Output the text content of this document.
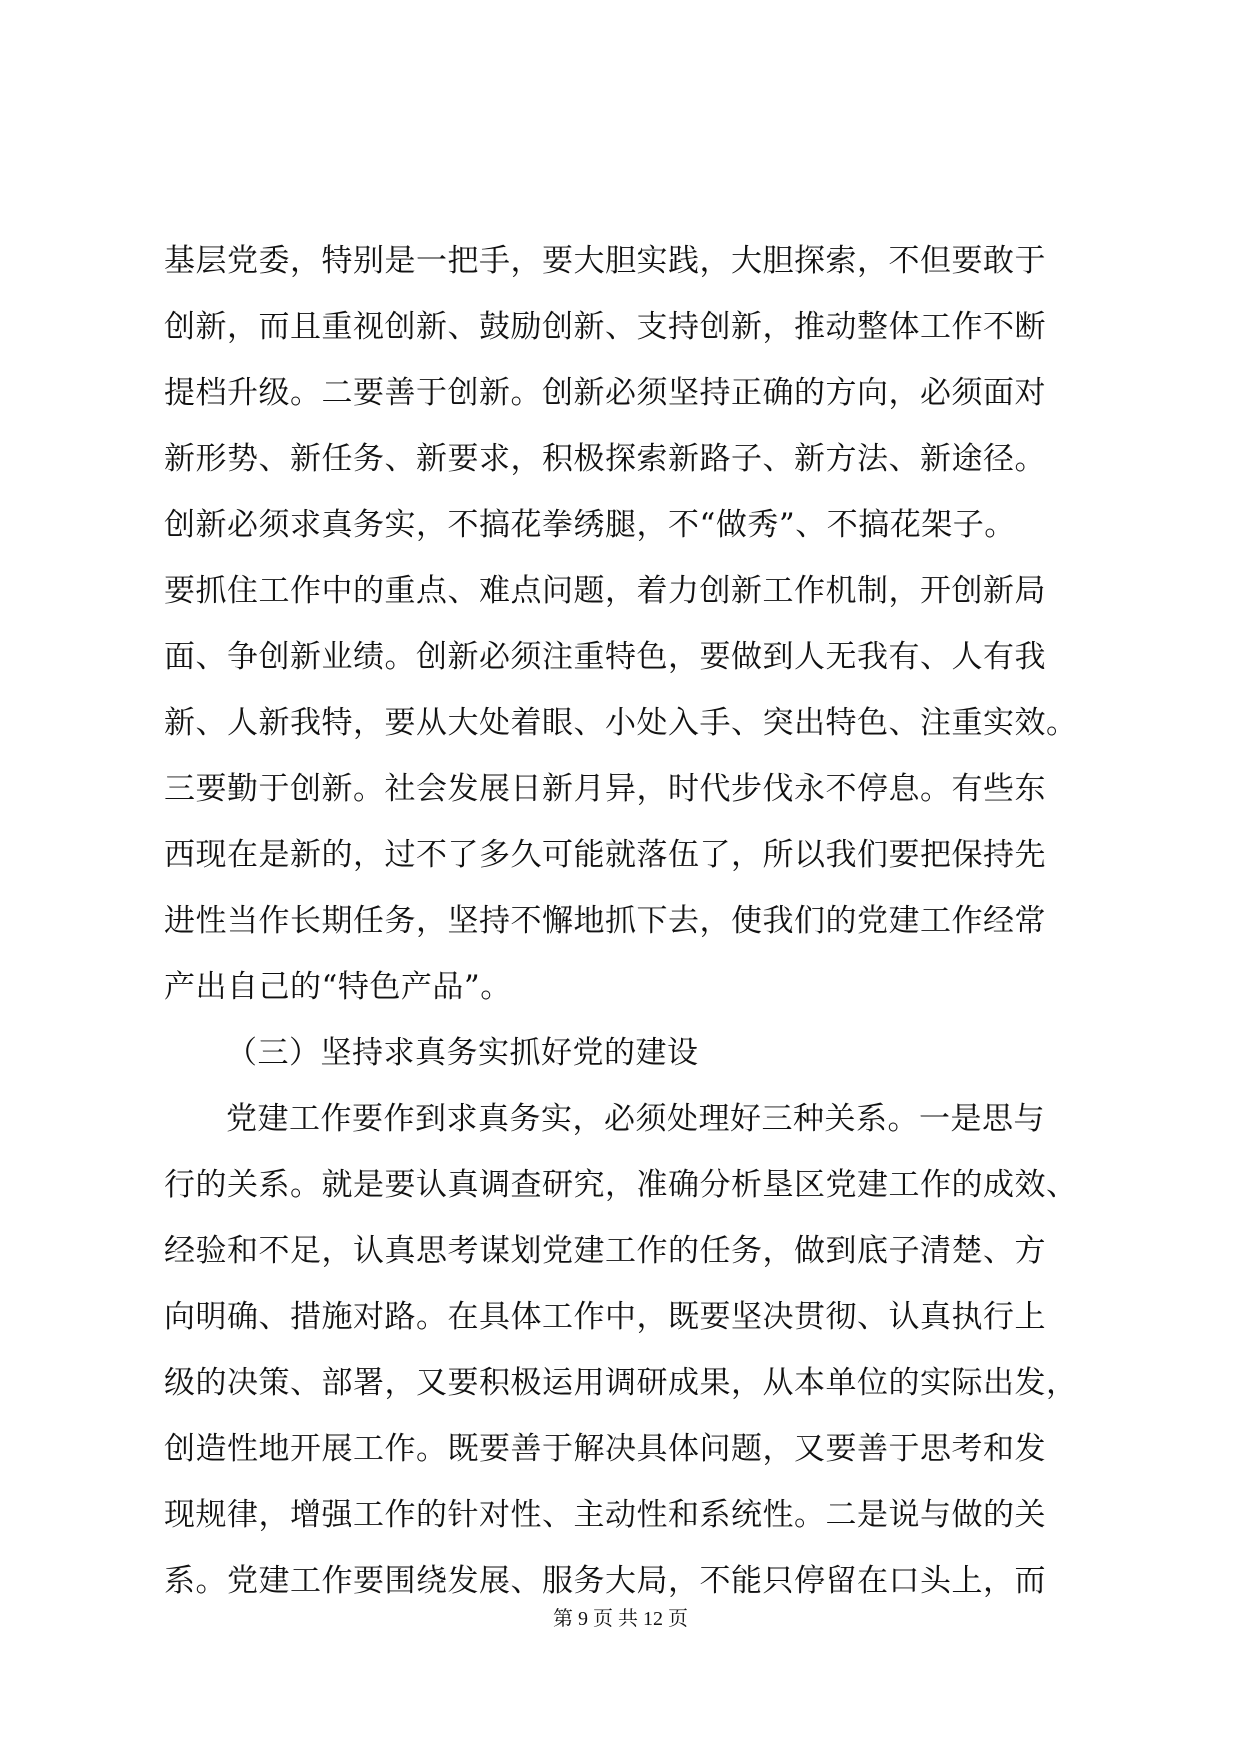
基层党委，特别是一把手，要大胆实践，大胆探索，不但要敢于
创新，而且重视创新、鼓励创新、支持创新，推动整体工作不断
提档升级。二要善于创新。创新必须坚持正确的方向，必须面对
新形势、新任务、新要求，积极探索新路子、新方法、新途径。
创新必须求真务实，不搞花拳绣腿，不“做秀”、不搞花架子。
要抓住工作中的重点、难点问题，着力创新工作机制，开创新局
面、争创新业绩。创新必须注重特色，要做到人无我有、人有我
新、人新我特，要从大处着眼、小处入手、突出特色、注重实效。
三要勤于创新。社会发展日新月异，时代步伐永不停息。有些东
西现在是新的，过不了多久可能就落伍了，所以我们要把保持先
进性当作长期任务，坚持不懈地抓下去，使我们的党建工作经常
产出自己的“特色产品”。
（三）坚持求真务实抓好党的建设
党建工作要作到求真务实，必须处理好三种关系。一是思与
行的关系。就是要认真调查研究，准确分析垦区党建工作的成效、
经验和不足，认真思考谋划党建工作的任务，做到底子清楚、方
向明确、措施对路。在具体工作中，既要坚决贯彻、认真执行上
级的决策、部署，又要积极运用调研成果，从本单位的实际出发，
创造性地开展工作。既要善于解决具体问题，又要善于思考和发
现规律，增强工作的针对性、主动性和系统性。二是说与做的关
系。党建工作要围绕发展、服务大局，不能只停留在口头上，而
第 9 页 共 12 页
